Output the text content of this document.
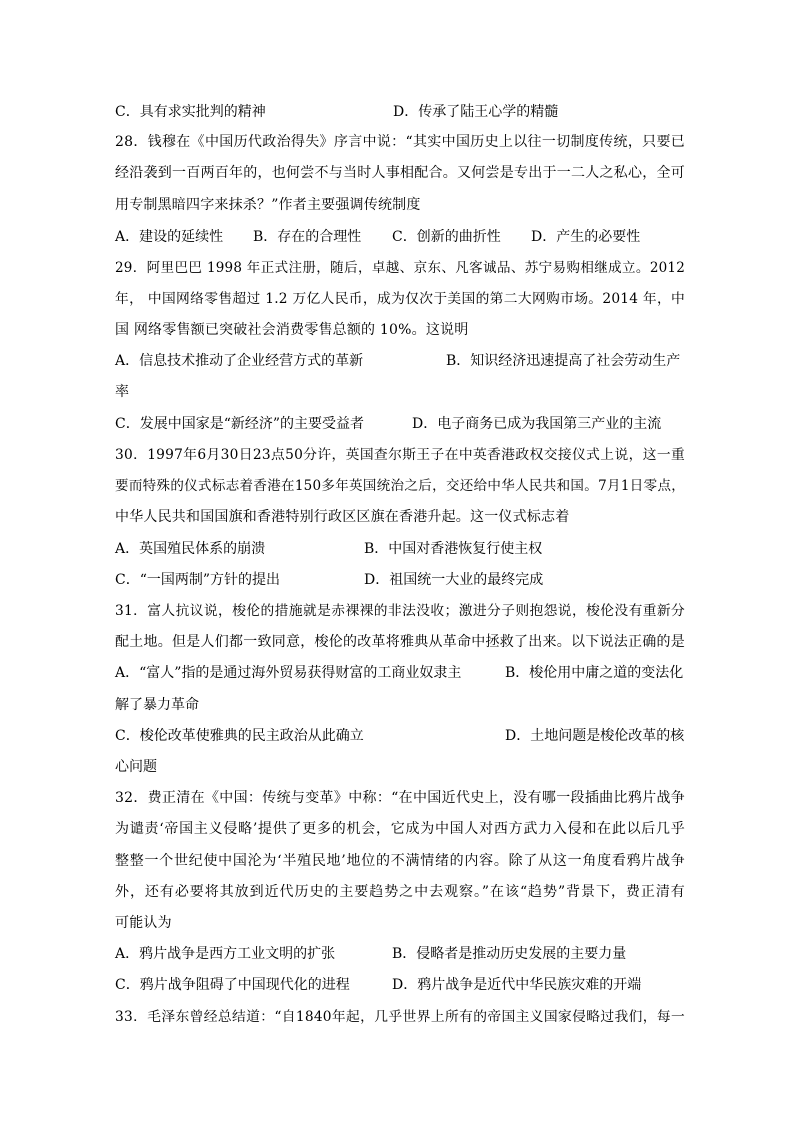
C．具有求实批判的精神	D．传承了陆王心学的精髓
28．钱穆在《中国历代政治得失》序言中说：“其实中国历史上以往一切制度传统，只要已
经沿袭到一百两百年的，也何尝不与当时人事相配合。又何尝是专出于一二人之私心，全可
用专制黑暗四字来抹杀？”作者主要强调传统制度
A．建设的延续性 B．存在的合理性 C．创新的曲折性 D．产生的必要性
29．阿里巴巴 1998 年正式注册，随后，卓越、京东、凡客诚品、苏宁易购相继成立。2012
年， 中国网络零售超过 1.2 万亿人民币，成为仅次于美国的第二大网购市场。2014 年，中
国 网络零售额已突破社会消费零售总额的 10%。这说明
A．信息技术推动了企业经营方式的革新	B．知识经济迅速提高了社会劳动生产
率
C．发展中国家是“新经济”的主要受益者	D．电子商务已成为我国第三产业的主流
30．1997年6月30日23点50分许，英国查尔斯王子在中英香港政权交接仪式上说，这一重
要而特殊的仪式标志着香港在150多年英国统治之后，交还给中华人民共和国。7月1日零点，
中华人民共和国国旗和香港特别行政区区旗在香港升起。这一仪式标志着
A．英国殖民体系的崩溃	B．中国对香港恢复行使主权
C．“一国两制”方针的提出	D．祖国统一大业的最终完成
31．富人抗议说，梭伦的措施就是赤裸裸的非法没收；激进分子则抱怨说，梭伦没有重新分
配土地。但是人们都一致同意，梭伦的改革将雅典从革命中拯救了出来。以下说法正确的是
A．“富人”指的是通过海外贸易获得财富的工商业奴隶主	B．梭伦用中庸之道的变法化
解了暴力革命
C．梭伦改革使雅典的民主政治从此确立	D．土地问题是梭伦改革的核
心问题
32．费正清在《中国：传统与变革》中称：“在中国近代史上，没有哪一段插曲比鸦片战争
为谴责‘帝国主义侵略’提供了更多的机会，它成为中国人对西方武力入侵和在此以后几乎
整整一个世纪使中国沦为‘半殖民地’地位的不满情绪的内容。除了从这一角度看鸦片战争
外，还有必要将其放到近代历史的主要趋势之中去观察。”在该“趋势”背景下，费正清有
可能认为
A．鸦片战争是西方工业文明的扩张	B．侵略者是推动历史发展的主要力量
C．鸦片战争阻碍了中国现代化的进程	D．鸦片战争是近代中华民族灾难的开端
33．毛泽东曾经总结道：“自1840年起，几乎世界上所有的帝国主义国家侵略过我们，每一
